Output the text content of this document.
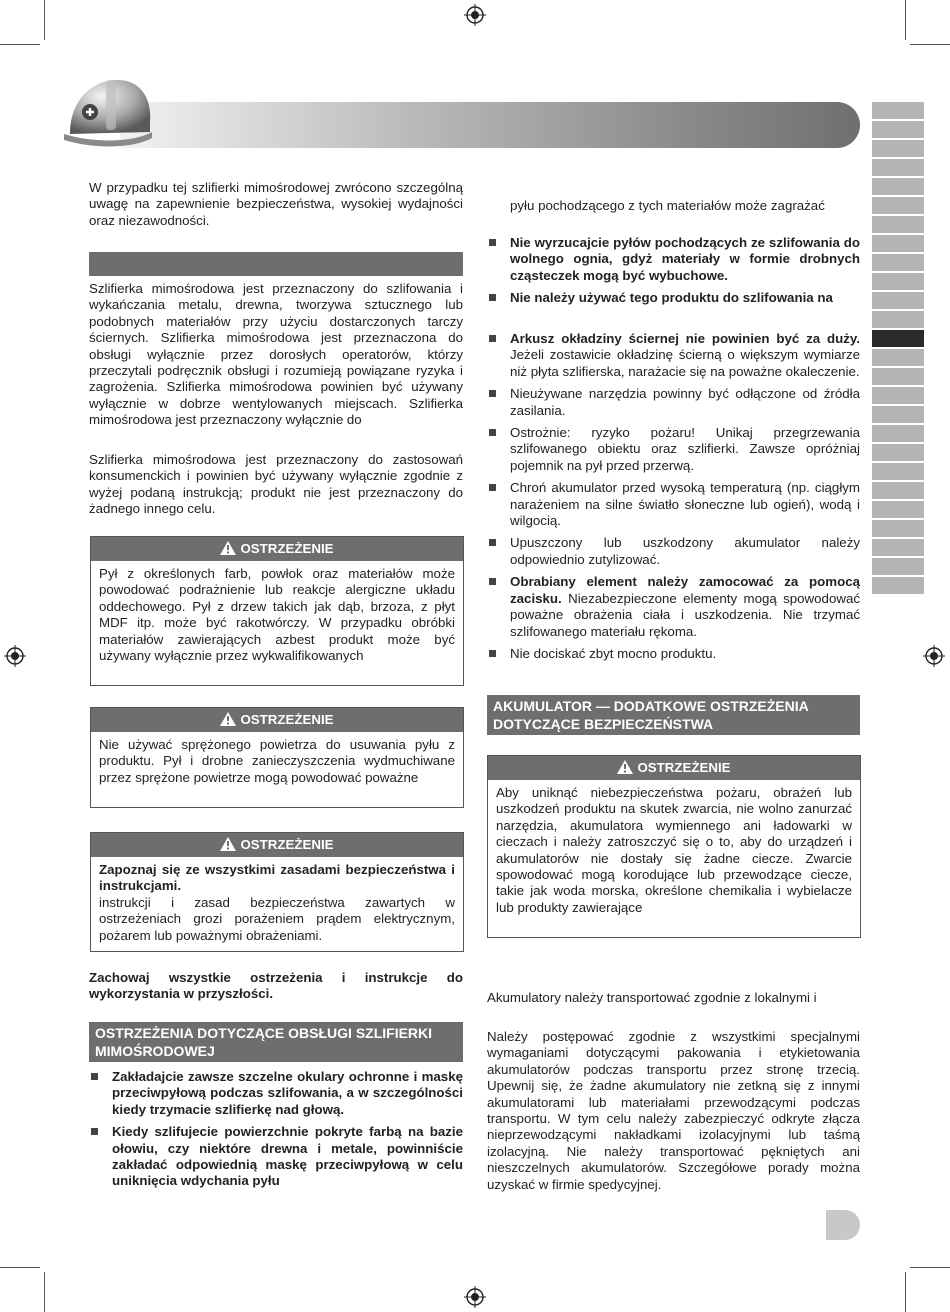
W przypadku tej szlifierki mimośrodowej zwrócono szczególną uwagę na zapewnienie bezpieczeństwa, wysokiej wydajności oraz niezawodności.

Szlifierka mimośrodowa jest przeznaczony do szlifowania i wykańczania metalu, drewna, tworzywa sztucznego lub podobnych materiałów przy użyciu dostarczonych tarczy ściernych. Szlifierka mimośrodowa jest przeznaczona do obsługi wyłącznie przez dorosłych operatorów, którzy przeczytali podręcznik obsługi i rozumieją powiązane ryzyka i zagrożenia. Szlifierka mimośrodowa powinien być używany wyłącznie w dobrze wentylowanych miejscach. Szlifierka mimośrodowa jest przeznaczony wyłącznie do

Szlifierka mimośrodowa jest przeznaczony do zastosowań konsumenckich i powinien być używany wyłącznie zgodnie z wyżej podaną instrukcją; produkt nie jest przeznaczony do żadnego innego celu.

OSTRZEŻENIE
Pył z określonych farb, powłok oraz materiałów może powodować podrażnienie lub reakcje alergiczne układu oddechowego. Pył z drzew takich jak dąb, brzoza, z płyt MDF itp. może być rakotwórczy. W przypadku obróbki materiałów zawierających azbest produkt może być używany wyłącznie przez wykwalifikowanych
OSTRZEŻENIE
Nie używać sprężonego powietrza do usuwania pyłu z produktu. Pył i drobne zanieczyszczenia wydmuchiwane przez sprężone powietrze mogą powodować poważne
OSTRZEŻENIE
Zapoznaj się ze wszystkimi zasadami bezpieczeństwa i instrukcjami.
instrukcji i zasad bezpieczeństwa zawartych w ostrzeżeniach grozi porażeniem prądem elektrycznym, pożarem lub poważnymi obrażeniami.

Zachowaj wszystkie ostrzeżenia i instrukcje do wykorzystania w przyszłości.

OSTRZEŻENIA DOTYCZĄCE OBSŁUGI SZLIFIERKI MIMOŚRODOWEJ
Zakładajcie zawsze szczelne okulary ochronne i maskę przeciwpyłową podczas szlifowania, a w szczególności kiedy trzymacie szlifierkę nad głową.
Kiedy szlifujecie powierzchnie pokryte farbą na bazie ołowiu, czy niektóre drewna i metale, powinniście zakładać odpowiednią maskę przeciwpyłową w celu uniknięcia wdychania pyłu

pyłu pochodzącego z tych materiałów może zagrażać

Nie wyrzucajcie pyłów pochodzących ze szlifowania do wolnego ognia, gdyż materiały w formie drobnych cząsteczek mogą być wybuchowe.
Nie należy używać tego produktu do szlifowania na
Arkusz okładziny ściernej nie powinien być za duży. Jeżeli zostawicie okładzinę ścierną o większym wymiarze niż płyta szlifierska, narażacie się na poważne okaleczenie.
Nieużywane narzędzia powinny być odłączone od źródła zasilania.
Ostrożnie: ryzyko pożaru! Unikaj przegrzewania szlifowanego obiektu oraz szlifierki. Zawsze opróżniaj pojemnik na pył przed przerwą.
Chroń akumulator przed wysoką temperaturą (np. ciągłym narażeniem na silne światło słoneczne lub ogień), wodą i wilgocią.
Upuszczony lub uszkodzony akumulator należy odpowiednio zutylizować.
Obrabiany element należy zamocować za pomocą zacisku. Niezabezpieczone elementy mogą spowodować poważne obrażenia ciała i uszkodzenia. Nie trzymać szlifowanego materiału rękoma.
Nie dociskać zbyt mocno produktu.
AKUMULATOR — DODATKOWE OSTRZEŻENIA DOTYCZĄCE BEZPIECZEŃSTWA
OSTRZEŻENIE
Aby uniknąć niebezpieczeństwa pożaru, obrażeń lub uszkodzeń produktu na skutek zwarcia, nie wolno zanurzać narzędzia, akumulatora wymiennego ani ładowarki w cieczach i należy zatroszczyć się o to, aby do urządzeń i akumulatorów nie dostały się żadne ciecze. Zwarcie spowodować mogą korodujące lub przewodzące ciecze, takie jak woda morska, określone chemikalia i wybielacze lub produkty zawierające

Akumulatory należy transportować zgodnie z lokalnymi i

Należy postępować zgodnie z wszystkimi specjalnymi wymaganiami dotyczącymi pakowania i etykietowania akumulatorów podczas transportu przez stronę trzecią. Upewnij się, że żadne akumulatory nie zetkną się z innymi akumulatorami lub materiałami przewodzącymi podczas transportu. W tym celu należy zabezpieczyć odkryte złącza nieprzewodzącymi nakładkami izolacyjnymi lub taśmą izolacyjną. Nie należy transportować pękniętych ani nieszczelnych akumulatorów. Szczegółowe porady można uzyskać w firmie spedycyjnej.
